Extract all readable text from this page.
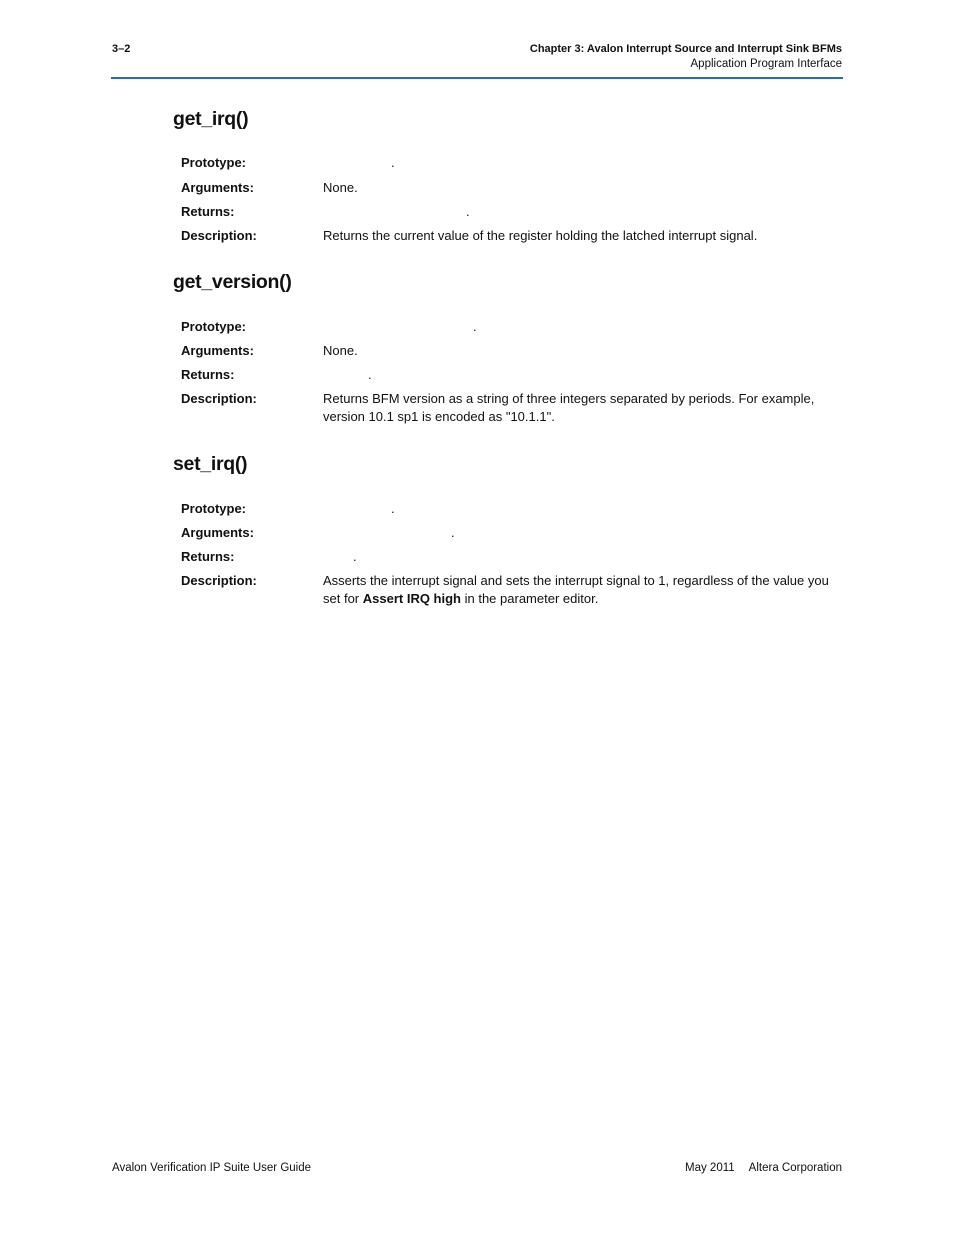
3–2	Chapter 3: Avalon Interrupt Source and Interrupt Sink BFMs
Application Program Interface
get_irq()
Prototype:	.
Arguments:	None.
Returns:	.
Description:	Returns the current value of the register holding the latched interrupt signal.
get_version()
Prototype:	.
Arguments:	None.
Returns:	.
Description:	Returns BFM version as a string of three integers separated by periods. For example, version 10.1 sp1 is encoded as "10.1.1".
set_irq()
Prototype:	.
Arguments:	.
Returns:	.
Description:	Asserts the interrupt signal and sets the interrupt signal to 1, regardless of the value you set for Assert IRQ high in the parameter editor.
Avalon Verification IP Suite User Guide	May 2011 Altera Corporation
